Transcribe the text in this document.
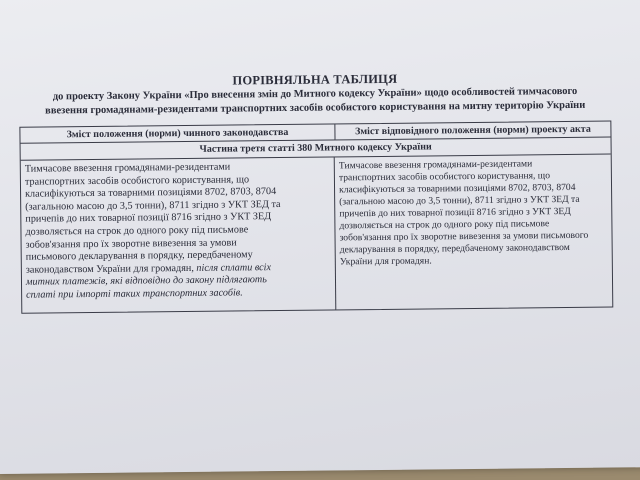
ПОРІВНЯЛЬНА ТАБЛИЦЯ
до проекту Закону України «Про внесення змін до Митного кодексу України» щодо особливостей тимчасового
ввезення громадянами-резидентами транспортних засобів особистого користування на митну територію України
Зміст положення (норми) чинного законодавства	Зміст відповідного положення (норми) проекту акта
Частина третя статті 380 Митного кодексу України
Тимчасове ввезення громадянами-резидентами
транспортних засобів особистого користування, що
класифікуються за товарними позиціями 8702, 8703, 8704
(загальною масою до 3,5 тонни), 8711 згідно з УКТ ЗЕД та
причепів до них товарної позиції 8716 згідно з УКТ ЗЕД
дозволяється на строк до одного року під письмове
зобов'язання про їх зворотне вивезення за умови
письмового декларування в порядку, передбаченому
законодавством України для громадян, після сплати всіх
митних платежів, які відповідно до закону підлягають
сплаті при імпорті таких транспортних засобів.
Тимчасове ввезення громадянами-резидентами
транспортних засобів особистого користування, що
класифікуються за товарними позиціями 8702, 8703, 8704
(загальною масою до 3,5 тонни), 8711 згідно з УКТ ЗЕД та
причепів до них товарної позиції 8716 згідно з УКТ ЗЕД
дозволяється на строк до одного року під письмове
зобов'язання про їх зворотне вивезення за умови письмового
декларування в порядку, передбаченому законодавством
України для громадян.
